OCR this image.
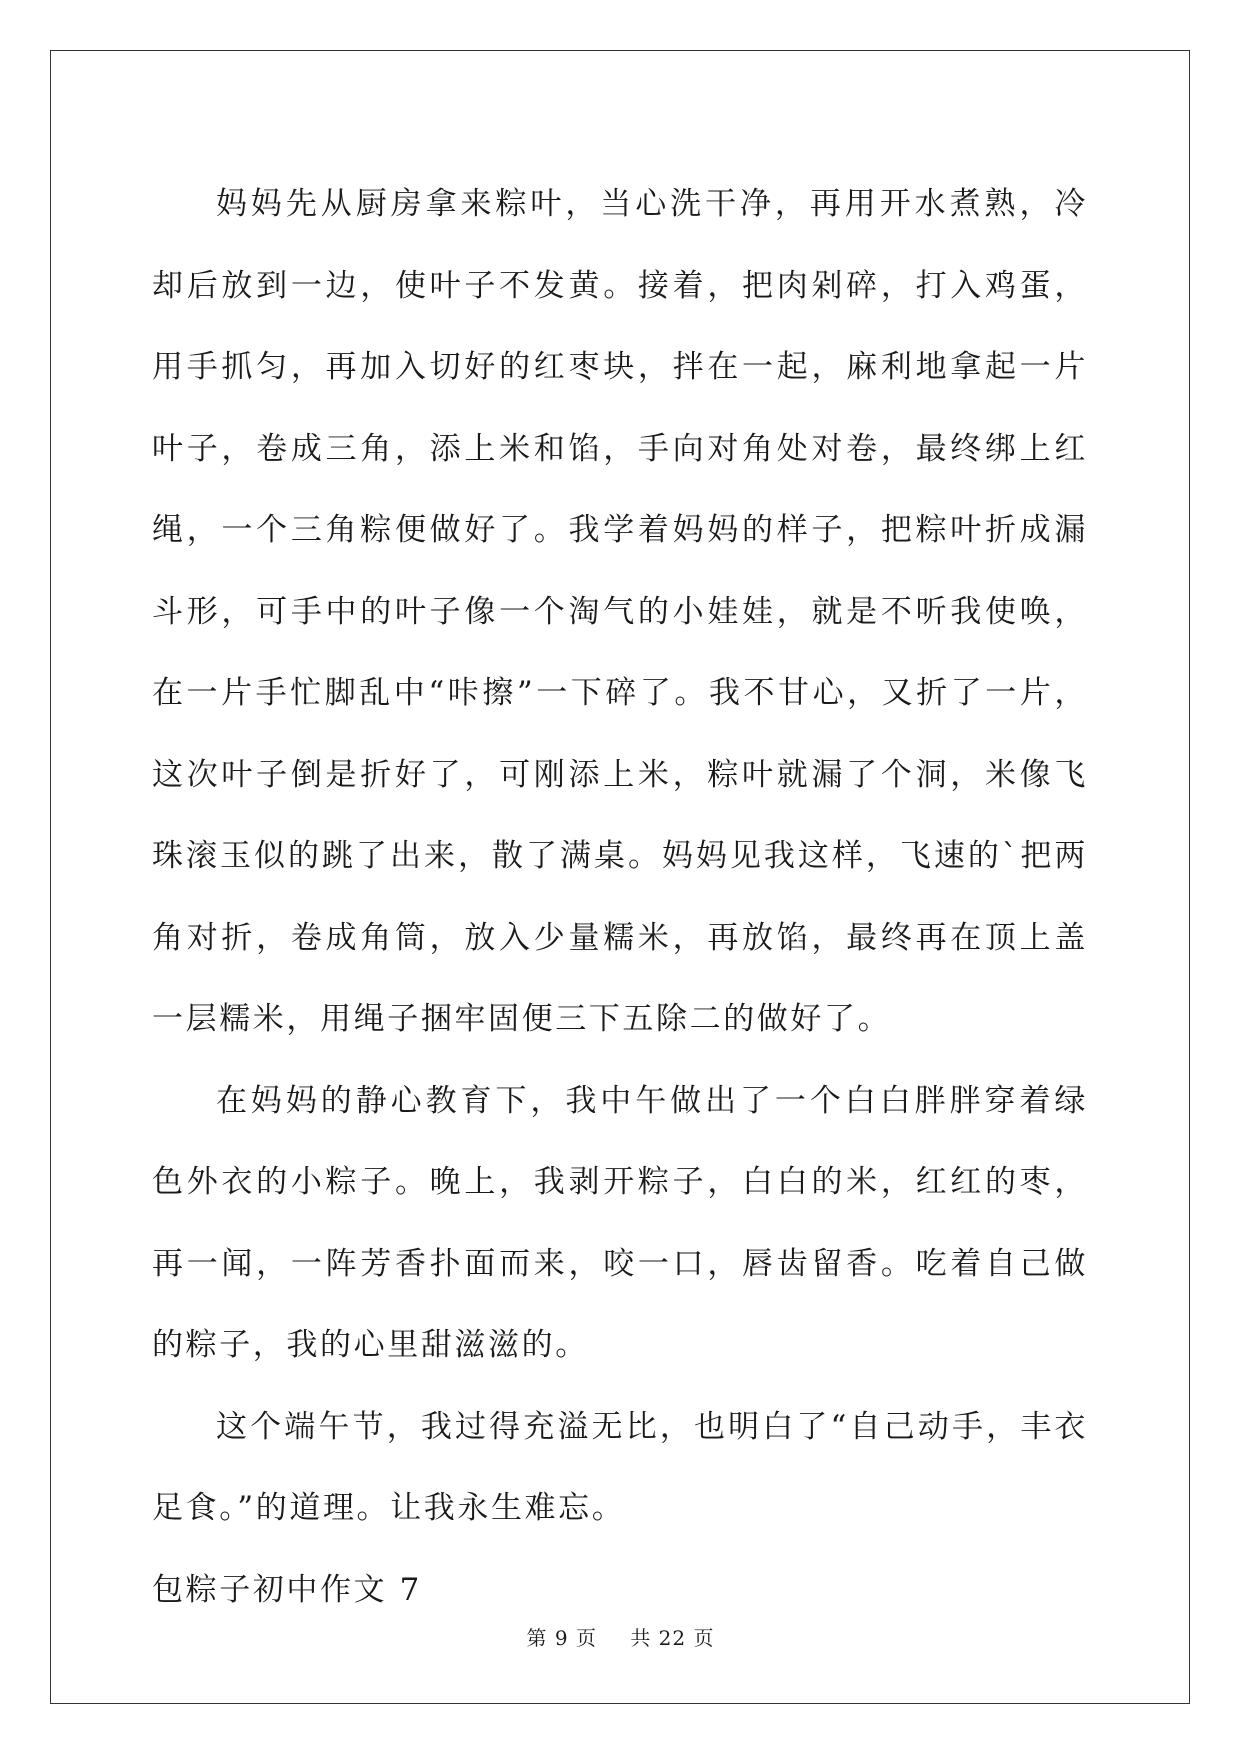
妈妈先从厨房拿来粽叶，当心洗干净，再用开水煮熟，冷却后放到一边，使叶子不发黄。接着，把肉剁碎，打入鸡蛋，用手抓匀，再加入切好的红枣块，拌在一起，麻利地拿起一片叶子，卷成三角，添上米和馅，手向对角处对卷，最终绑上红绳，一个三角粽便做好了。我学着妈妈的样子，把粽叶折成漏斗形，可手中的叶子像一个淘气的小娃娃，就是不听我使唤，在一片手忙脚乱中“咔擦”一下碎了。我不甘心，又折了一片，这次叶子倒是折好了，可刚添上米，粽叶就漏了个洞，米像飞珠滚玉似的跳了出来，散了满桌。妈妈见我这样，飞速的`把两角对折，卷成角筒，放入少量糯米，再放馅，最终再在顶上盖一层糯米，用绳子捆牢固便三下五除二的做好了。

在妈妈的静心教育下，我中午做出了一个白白胖胖穿着绿色外衣的小粽子。晚上，我剥开粽子，白白的米，红红的枣，再一闻，一阵芳香扑面而来，咬一口，唇齿留香。吃着自己做的粽子，我的心里甜滋滋的。

这个端午节，我过得充溢无比，也明白了“自己动手，丰衣足食。”的道理。让我永生难忘。

包粽子初中作文 7

第 9 页 共 22 页
